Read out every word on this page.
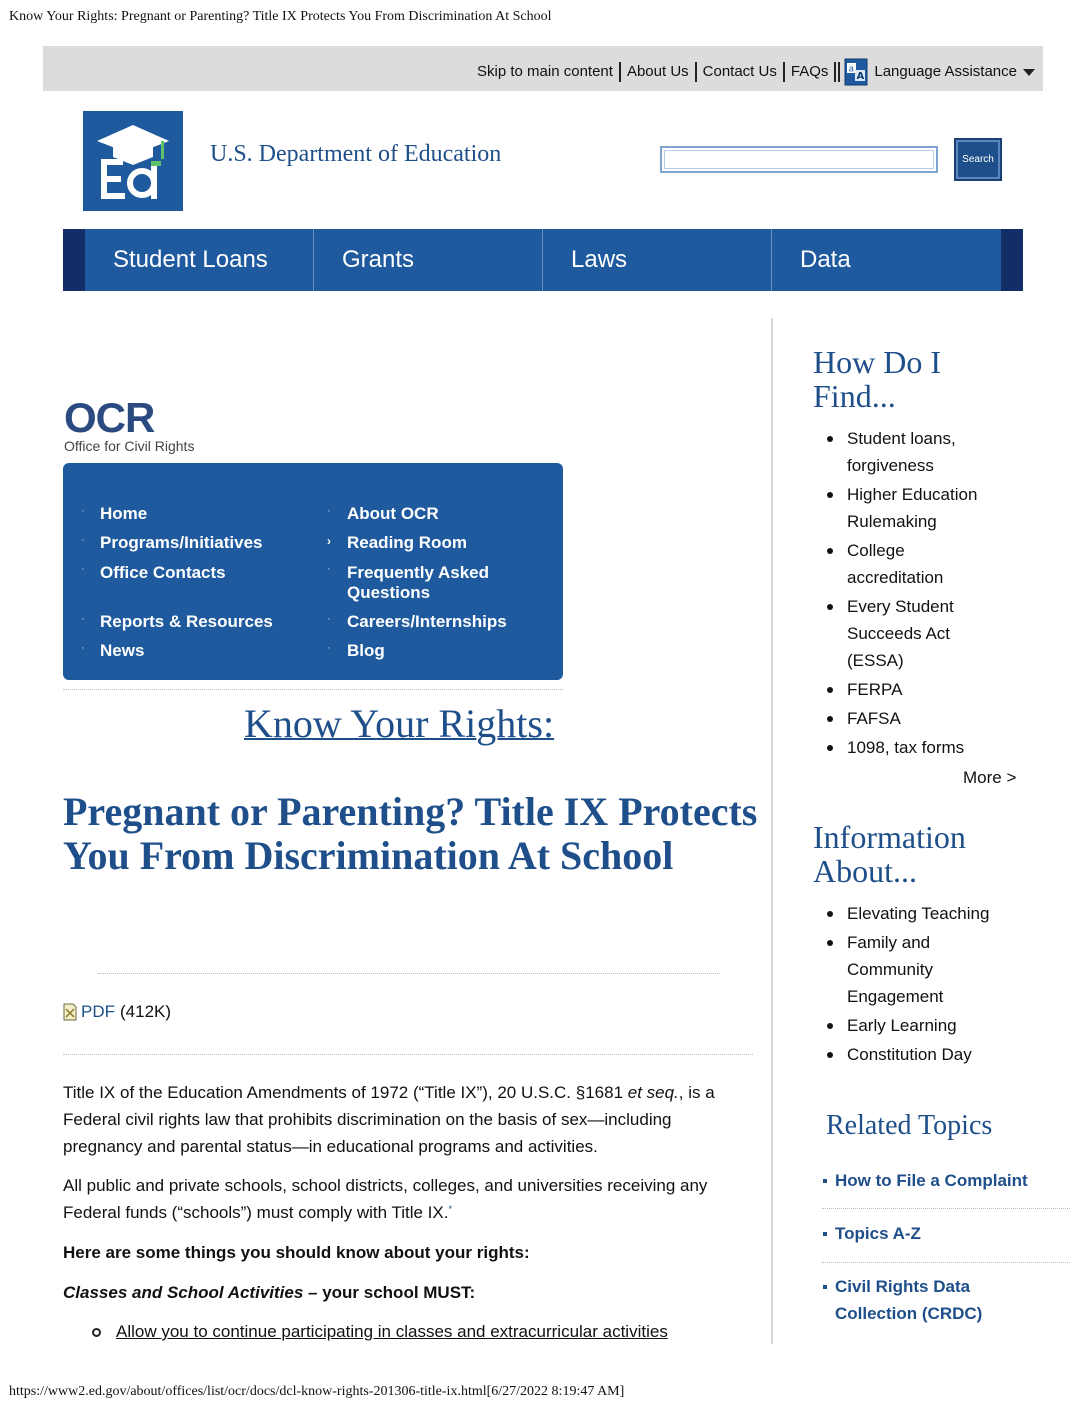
Know Your Rights: Pregnant or Parenting? Title IX Protects You From Discrimination At School
Skip to main content About Us Contact Us FAQs	a
A Language Assistance
U.S. Department of Education	Search
Student Loans	Grants	Laws	Data
OCR
Office for Civil Rights
· Home
· Programs/Initiatives
· Office Contacts
· Reports & Resources
· News
· About OCR
› Reading Room
· Frequently Asked Questions
· Careers/Internships
· Blog
Know Your Rights:
Pregnant or Parenting? Title IX Protects You From Discrimination At School
PDF (412K)

Title IX of the Education Amendments of 1972 (“Title IX”), 20 U.S.C. §1681 et seq., is a Federal civil rights law that prohibits discrimination on the basis of sex—including pregnancy and parental status—in educational programs and activities.

All public and private schools, school districts, colleges, and universities receiving any Federal funds (“schools”) must comply with Title IX.*

Here are some things you should know about your rights:
Classes and School Activities – your school MUST:
Allow you to continue participating in classes and extracurricular activities
How Do I
Find...
Student loans, forgiveness
Higher Education Rulemaking
College accreditation
Every Student Succeeds Act (ESSA)
FERPA
FAFSA
1098, tax forms
More >
Information
About...
Elevating Teaching
Family and Community Engagement
Early Learning
Constitution Day
Related Topics
How to File a Complaint
Topics A-Z
Civil Rights Data Collection (CRDC)
https://www2.ed.gov/about/offices/list/ocr/docs/dcl-know-rights-201306-title-ix.html[6/27/2022 8:19:47 AM]
